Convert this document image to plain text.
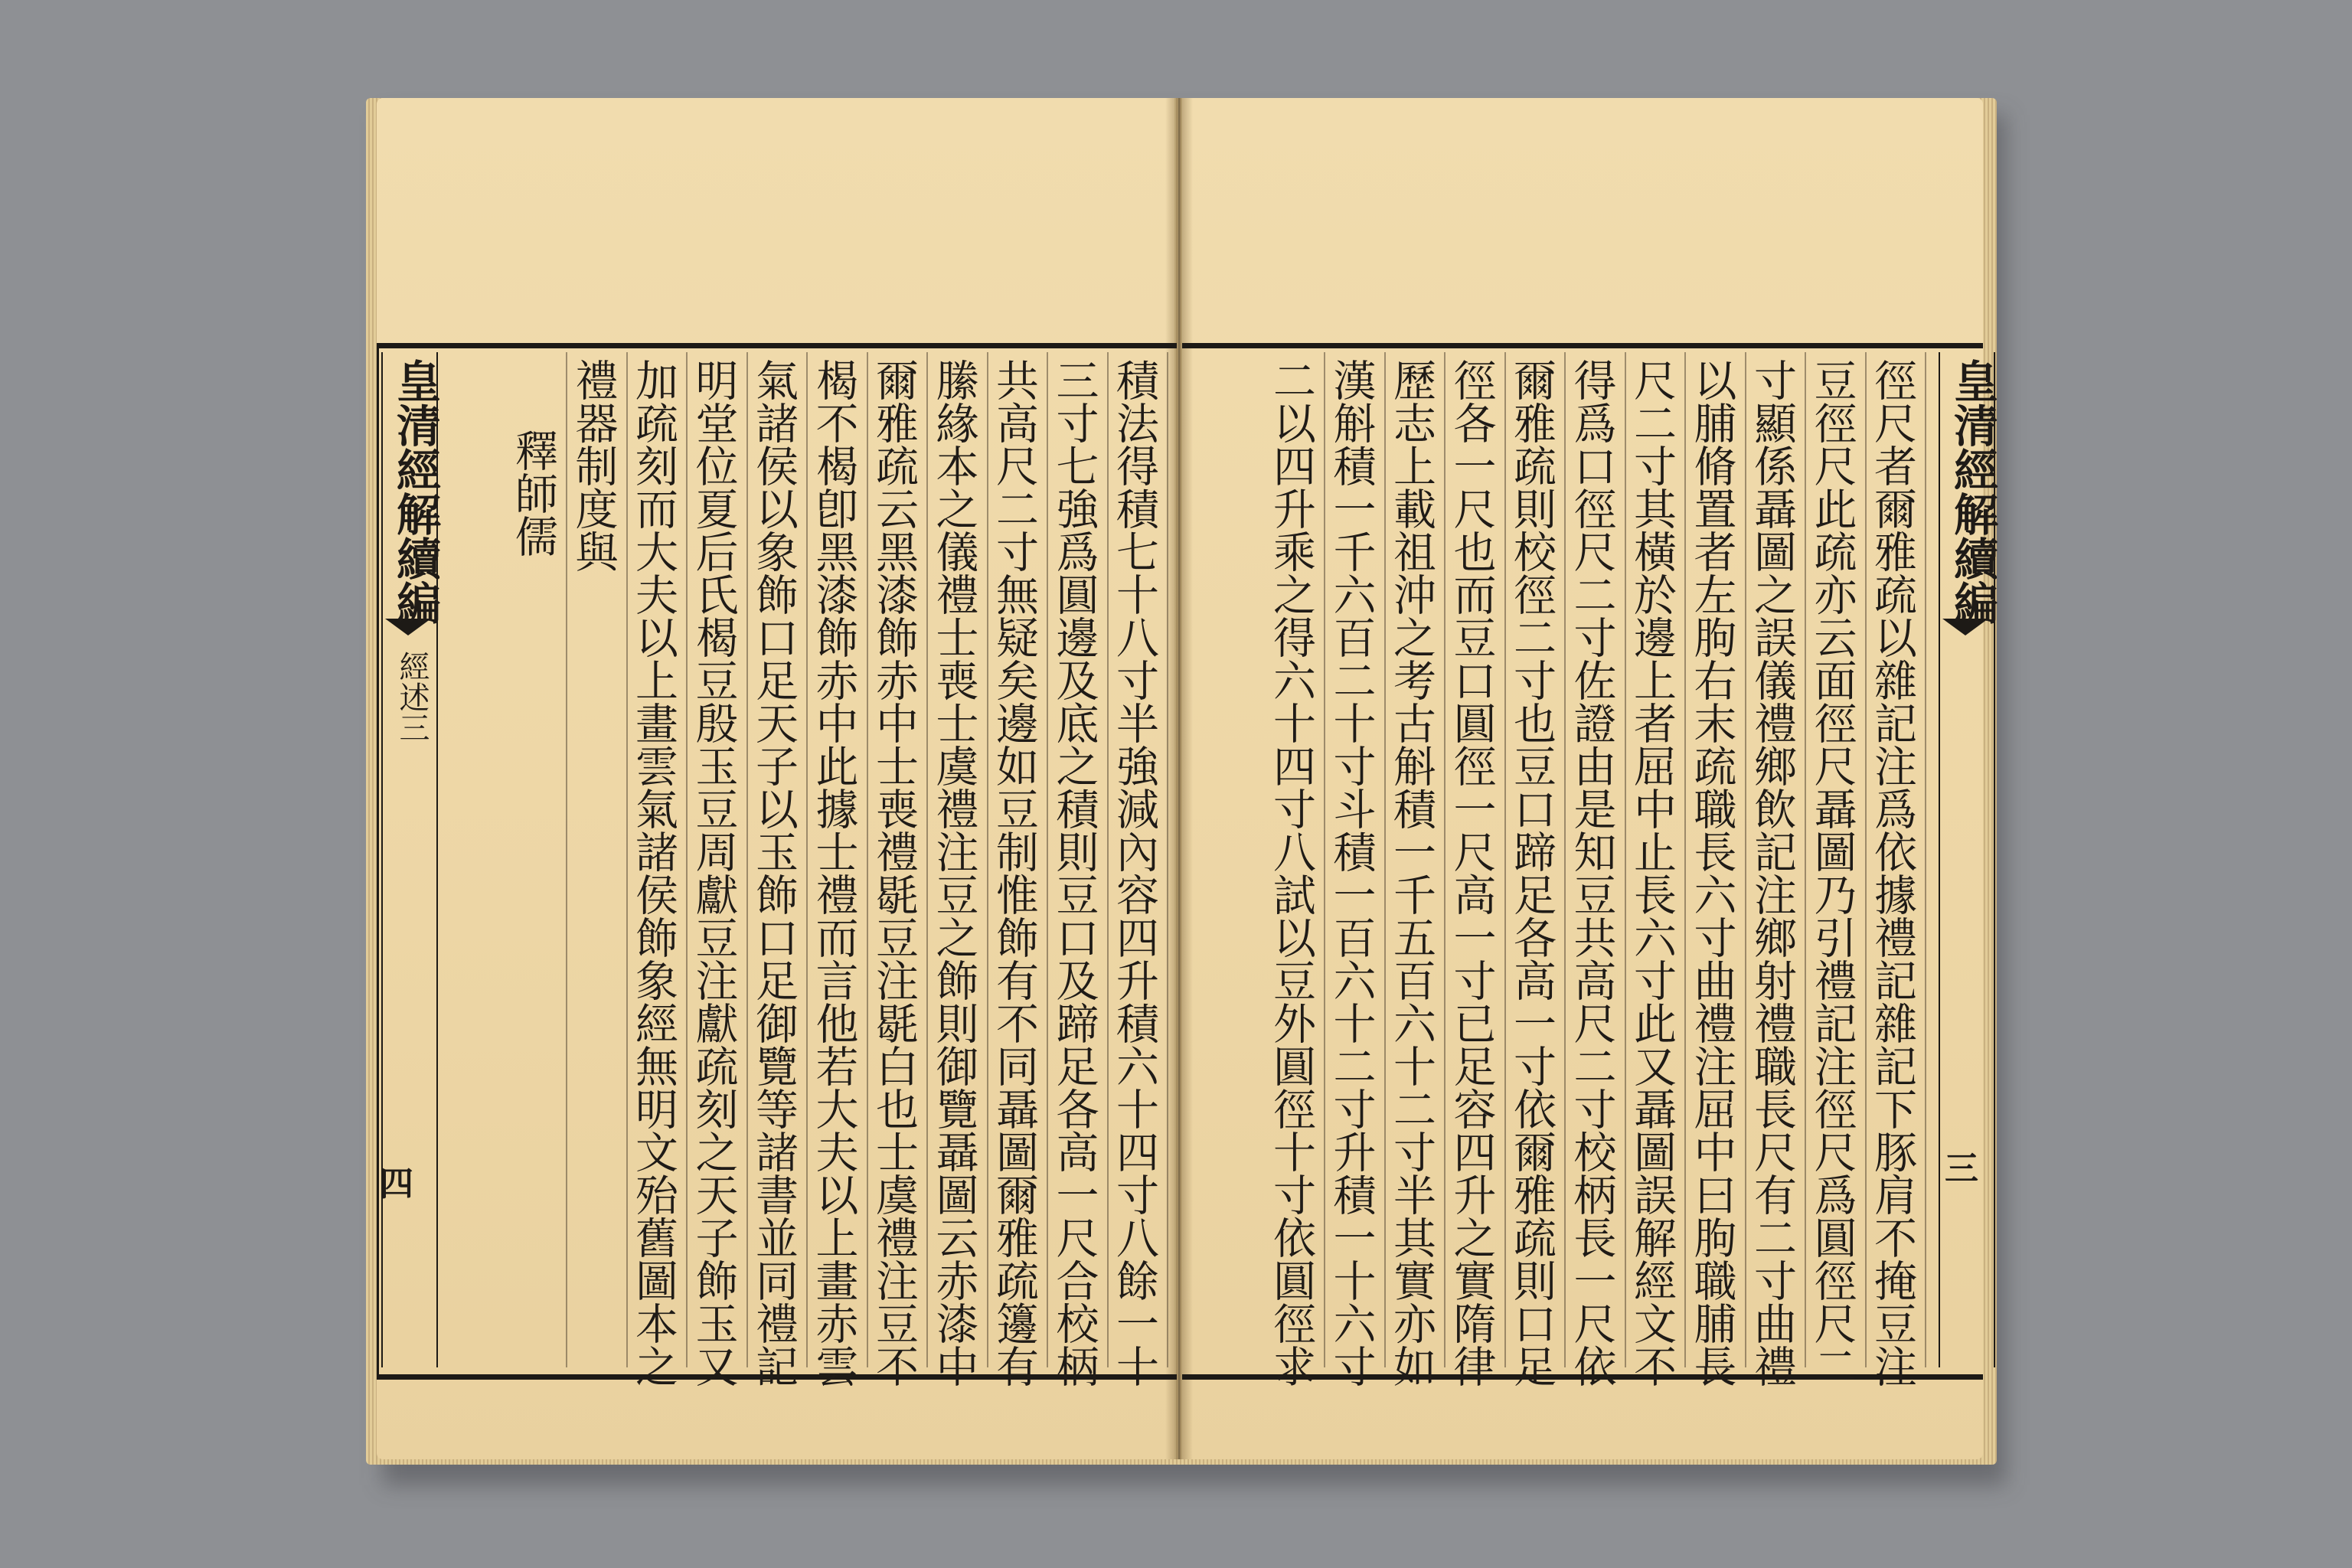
皇清經解續編
經述三
四	積法得積七十八寸半強減內容四升積六十四寸八餘一十
三寸七強爲圓邊及底之積則豆口及蹄足各高一尺合校柄
共高尺二寸無疑矣邊如豆制惟飾有不同聶圖爾雅疏籩有
縢緣本之儀禮士喪士虞禮注豆之飾則御覽聶圖云赤漆中
爾雅疏云黑漆飾赤中士喪禮毼豆注毼白也士虞禮注豆不
楬不楬卽黑漆飾赤中此據士禮而言他若大夫以上畫赤雲
氣諸侯以象飾口足天子以玉飾口足御覽等諸書並同禮記
明堂位夏后氏楬豆殷玉豆周獻豆注獻疏刻之天子飾玉又
加疏刻而大夫以上畫雲氣諸侯飾象經無明文殆舊圖本之
禮器制度與
釋師儒	徑尺者爾雅疏以雜記注爲依據禮記雜記下豚肩不掩豆注
豆徑尺此疏亦云面徑尺聶圖乃引禮記注徑尺爲圓徑尺二
寸顯係聶圖之誤儀禮鄉飲記注鄉射禮職長尺有二寸曲禮
以脯脩置者左朐右末疏職長六寸曲禮注屈中曰朐職脯長
尺二寸其橫於邊上者屈中止長六寸此又聶圖誤解經文不
得爲口徑尺二寸佐證由是知豆共高尺二寸校柄長一尺依
爾雅疏則校徑二寸也豆口蹄足各高一寸依爾雅疏則口足
徑各一尺也而豆口圓徑一尺高一寸已足容四升之實隋律
歷志上載祖沖之考古斛積一千五百六十二寸半其實亦如
漢斛積一千六百二十寸斗積一百六十二寸升積一十六寸
二以四升乘之得六十四寸八試以豆外圓徑十寸依圓徑求	皇清經解續編
三
